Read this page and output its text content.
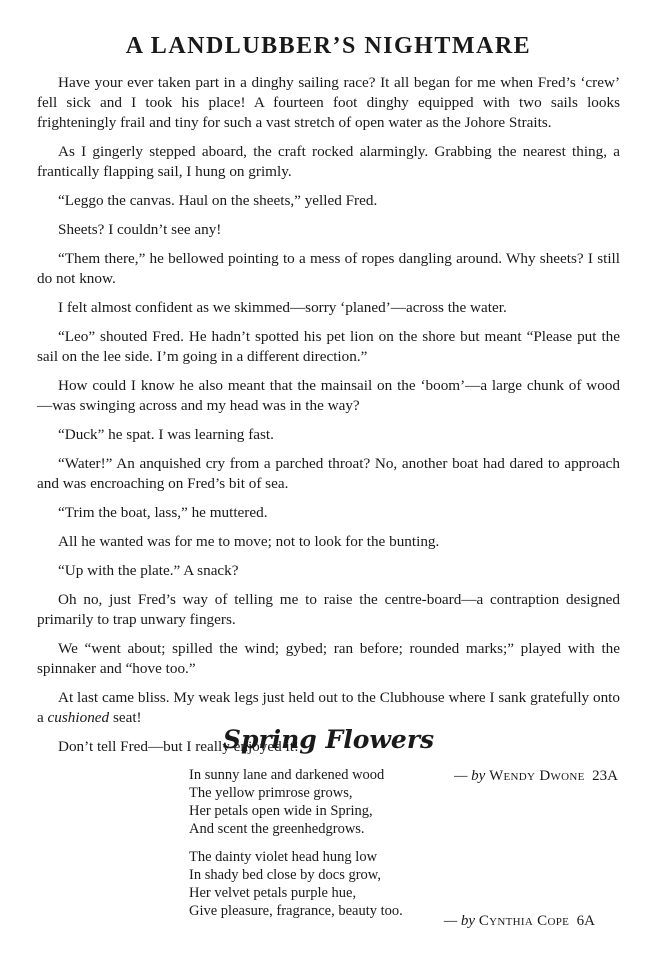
A LANDLUBBER’S NIGHTMARE

Have your ever taken part in a dinghy sailing race? It all began for me when Fred’s ‘crew’ fell sick and I took his place! A fourteen foot dinghy equipped with two sails looks frighteningly frail and tiny for such a vast stretch of open water as the Johore Straits.

As I gingerly stepped aboard, the craft rocked alarmingly. Grabbing the nearest thing, a frantically flapping sail, I hung on grimly.

“Leggo the canvas. Haul on the sheets,” yelled Fred.

Sheets? I couldn’t see any!

“Them there,” he bellowed pointing to a mess of ropes dangling around. Why sheets? I still do not know.

I felt almost confident as we skimmed—sorry ‘planed’—across the water.

“Leo” shouted Fred. He hadn’t spotted his pet lion on the shore but meant “Please put the sail on the lee side. I’m going in a different direction.”

How could I know he also meant that the mainsail on the ‘boom’—a large chunk of wood —was swinging across and my head was in the way?

“Duck” he spat. I was learning fast.

“Water!” An anquished cry from a parched throat? No, another boat had dared to approach and was encroaching on Fred’s bit of sea.

“Trim the boat, lass,” he muttered.

All he wanted was for me to move; not to look for the bunting.

“Up with the plate.” A snack?

Oh no, just Fred’s way of telling me to raise the centre-board—a contraption designed primarily to trap unwary fingers.

We “went about; spilled the wind; gybed; ran before; rounded marks;” played with the spinnaker and “hove too.”

At last came bliss. My weak legs just held out to the Clubhouse where I sank gratefully onto a cushioned seat!

Don’t tell Fred—but I really enjoyed it!

— by Wendy Dwone 23A
Spring Flowers
In sunny lane and darkened wood
The yellow primrose grows,
Her petals open wide in Spring,
And scent the greenhedgrows.
The dainty violet head hung low
In shady bed close by docs grow,
Her velvet petals purple hue,
Give pleasure, fragrance, beauty too.
— by Cynthia Cope 6A
